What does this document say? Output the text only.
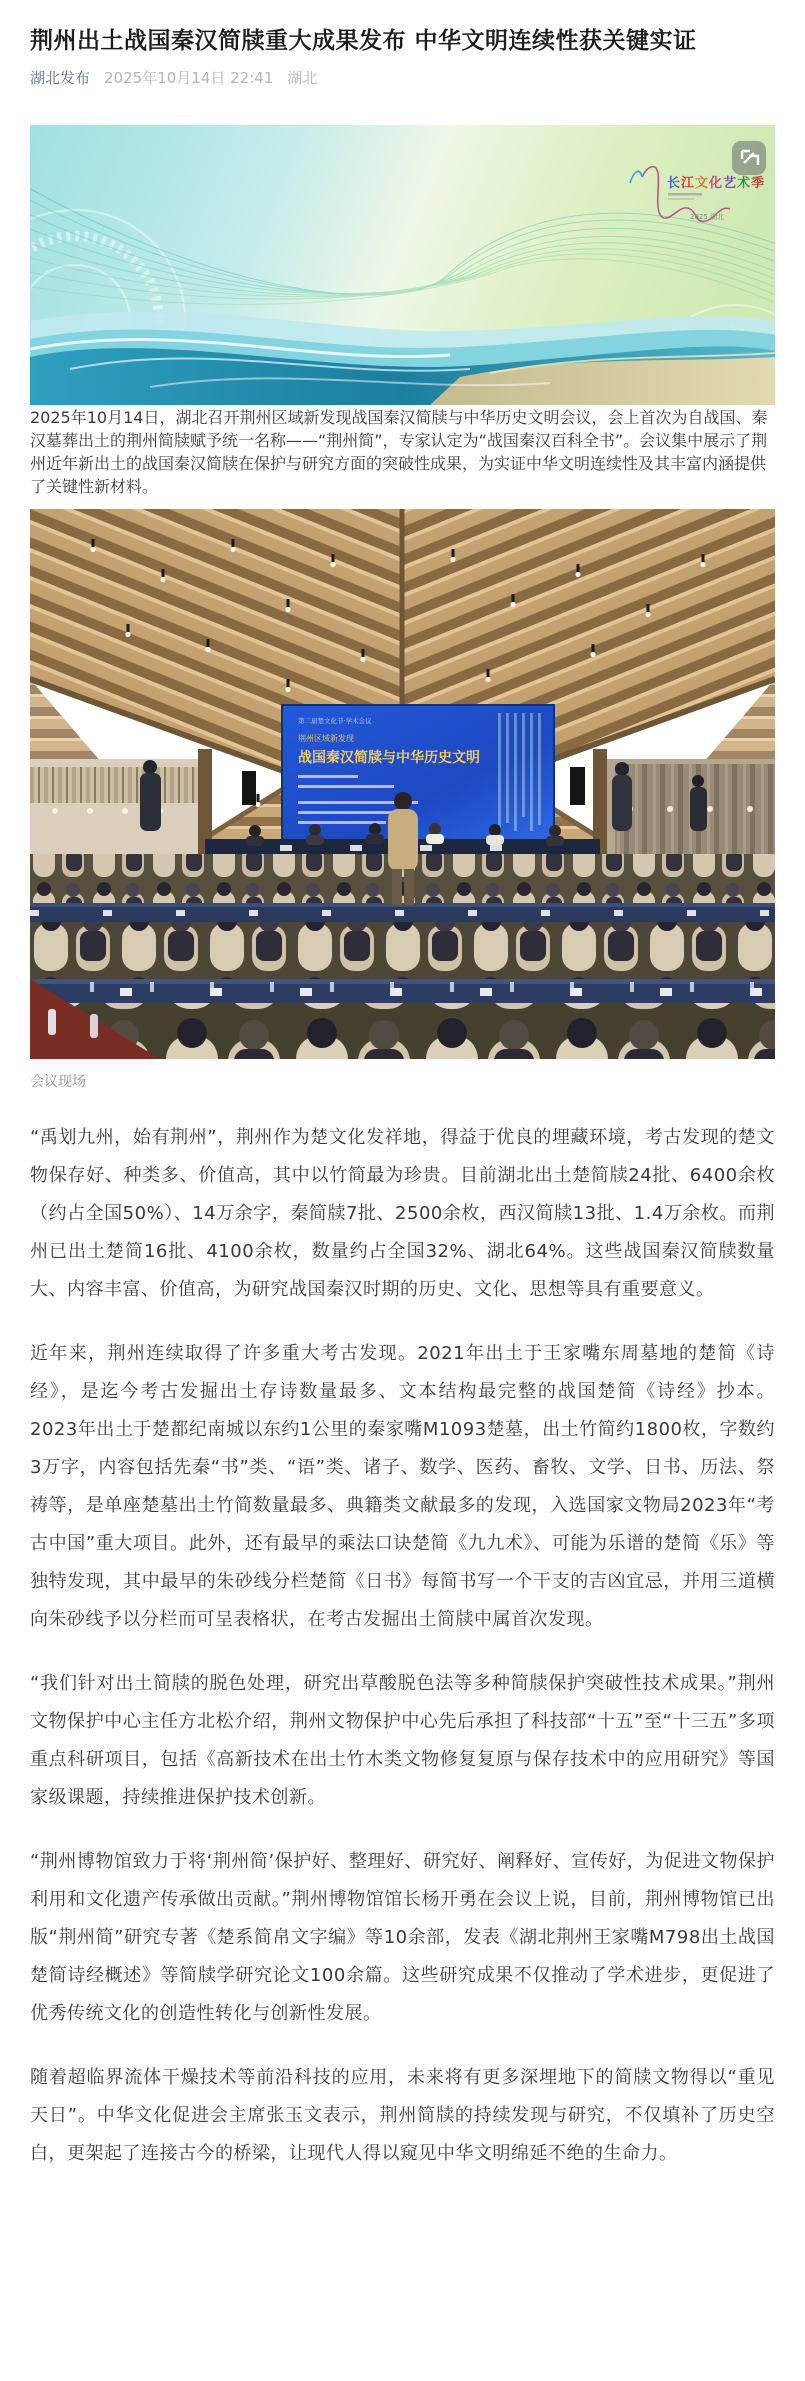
荆州出土战国秦汉简牍重大成果发布 中华文明连续性获关键实证
湖北发布 2025年10月14日 22:41 湖北
长江文化艺术季
2025 湖北

2025年10月14日，湖北召开荆州区域新发现战国秦汉简牍与中华历史文明会议，会上首次为自战国、秦汉墓葬出土的荆州简牍赋予统一名称——“荆州简”，专家认定为“战国秦汉百科全书”。会议集中展示了荆州近年新出土的战国秦汉简牍在保护与研究方面的突破性成果，为实证中华文明连续性及其丰富内涵提供了关键性新材料。

第二届楚文化节·学术会议
荆州区域新发现
战国秦汉简牍与中华历史文明
会议现场

“禹划九州，始有荆州”，荆州作为楚文化发祥地，得益于优良的埋藏环境，考古发现的楚文物保存好、种类多、价值高，其中以竹简最为珍贵。目前湖北出土楚简牍24批、6400余枚（约占全国50%）、14万余字，秦简牍7批、2500余枚，西汉简牍13批、1.4万余枚。而荆州已出土楚简16批、4100余枚，数量约占全国32%、湖北64%。这些战国秦汉简牍数量大、内容丰富、价值高，为研究战国秦汉时期的历史、文化、思想等具有重要意义。

近年来，荆州连续取得了许多重大考古发现。2021年出土于王家嘴东周墓地的楚简《诗经》，是迄今考古发掘出土存诗数量最多、文本结构最完整的战国楚简《诗经》抄本。 2023年出土于楚都纪南城以东约1公里的秦家嘴M1093楚墓，出土竹简约1800枚，字数约3万字，内容包括先秦“书”类、“语”类、诸子、数学、医药、畜牧、文学、日书、历法、祭祷等，是单座楚墓出土竹简数量最多、典籍类文献最多的发现，入选国家文物局2023年“考古中国”重大项目。此外，还有最早的乘法口诀楚简《九九术》、可能为乐谱的楚简《乐》等独特发现，其中最早的朱砂线分栏楚简《日书》每简书写一个干支的吉凶宜忌，并用三道横向朱砂线予以分栏而可呈表格状，在考古发掘出土简牍中属首次发现。

“我们针对出土简牍的脱色处理，研究出草酸脱色法等多种简牍保护突破性技术成果。”荆州文物保护中心主任方北松介绍，荆州文物保护中心先后承担了科技部“十五”至“十三五”多项重点科研项目，包括《高新技术在出土竹木类文物修复复原与保存技术中的应用研究》等国家级课题，持续推进保护技术创新。

“荆州博物馆致力于将‘荆州简’保护好、整理好、研究好、阐释好、宣传好，为促进文物保护利用和文化遗产传承做出贡献。”荆州博物馆馆长杨开勇在会议上说，目前，荆州博物馆已出版“荆州简”研究专著《楚系简帛文字编》等10余部，发表《湖北荆州王家嘴M798出土战国楚简诗经概述》等简牍学研究论文100余篇。这些研究成果不仅推动了学术进步，更促进了优秀传统文化的创造性转化与创新性发展。

随着超临界流体干燥技术等前沿科技的应用，未来将有更多深埋地下的简牍文物得以“重见天日”。中华文化促进会主席张玉文表示，荆州简牍的持续发现与研究，不仅填补了历史空白，更架起了连接古今的桥梁，让现代人得以窥见中华文明绵延不绝的生命力。
